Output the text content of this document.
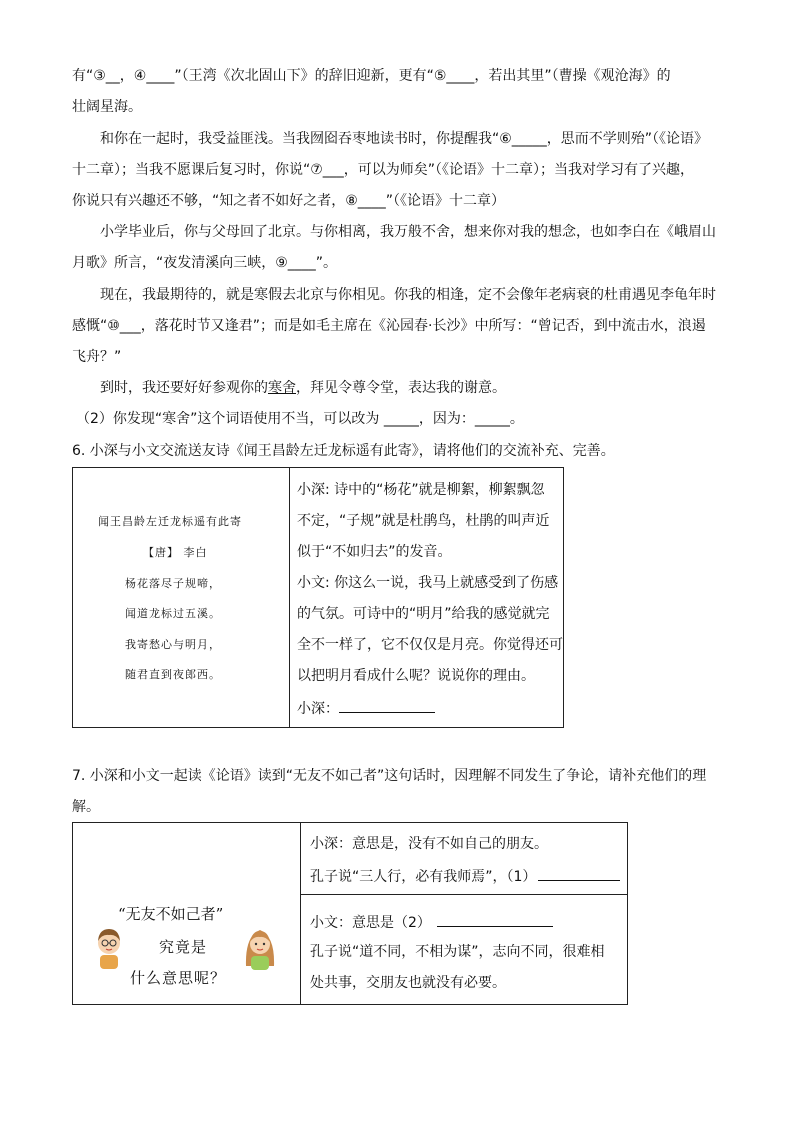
有“③__，④____”（王湾《次北固山下》的辞旧迎新，更有“⑤____，若出其里”（曹操《观沧海》的
壮阔星海。
和你在一起时，我受益匪浅。当我囫囵吞枣地读书时，你提醒我“⑥_____，思而不学则殆”（《论语》
十二章）；当我不愿课后复习时，你说“⑦___，可以为师矣”（《论语》十二章）；当我对学习有了兴趣，
你说只有兴趣还不够，“知之者不如好之者，⑧____”（《论语》十二章）
小学毕业后，你与父母回了北京。与你相离，我万般不舍，想来你对我的想念，也如李白在《峨眉山
月歌》所言，“夜发清溪向三峡，⑨____”。
现在，我最期待的，就是寒假去北京与你相见。你我的相逢，定不会像年老病衰的杜甫遇见李龟年时
感慨“⑩___，落花时节又逢君”；而是如毛主席在《沁园春·长沙》中所写：“曾记否，到中流击水，浪遏
飞舟？”
到时，我还要好好参观你的寒舍，拜见令尊令堂，表达我的谢意。
（2）你发现“寒舍”这个词语使用不当，可以改为 _____，因为：_____。
6. 小深与小文交流送友诗《闻王昌龄左迁龙标遥有此寄》，请将他们的交流补充、完善。
闻王昌龄左迁龙标遥有此寄
【唐】 李白
杨花落尽子规啼，
闻道龙标过五溪。
我寄愁心与明月，
随君直到夜郎西。
小深: 诗中的“杨花”就是柳絮，柳絮飘忽
不定，“子规”就是杜鹃鸟，杜鹃的叫声近
似于“不如归去”的发音。
小文: 你这么一说，我马上就感受到了伤感
的气氛。可诗中的“明月”给我的感觉就完
全不一样了，它不仅仅是月亮。你觉得还可
以把明月看成什么呢？说说你的理由。
小深：
7. 小深和小文一起读《论语》读到“无友不如己者”这句话时，因理解不同发生了争论，请补充他们的理
解。
“无友不如己者”
究竟是
什么意思呢？
小深：意思是，没有不如自己的朋友。
孔子说“三人行，必有我师焉”，（1）
小文：意思是（2）
孔子说“道不同，不相为谋”，志向不同，很难相
处共事，交朋友也就没有必要。
